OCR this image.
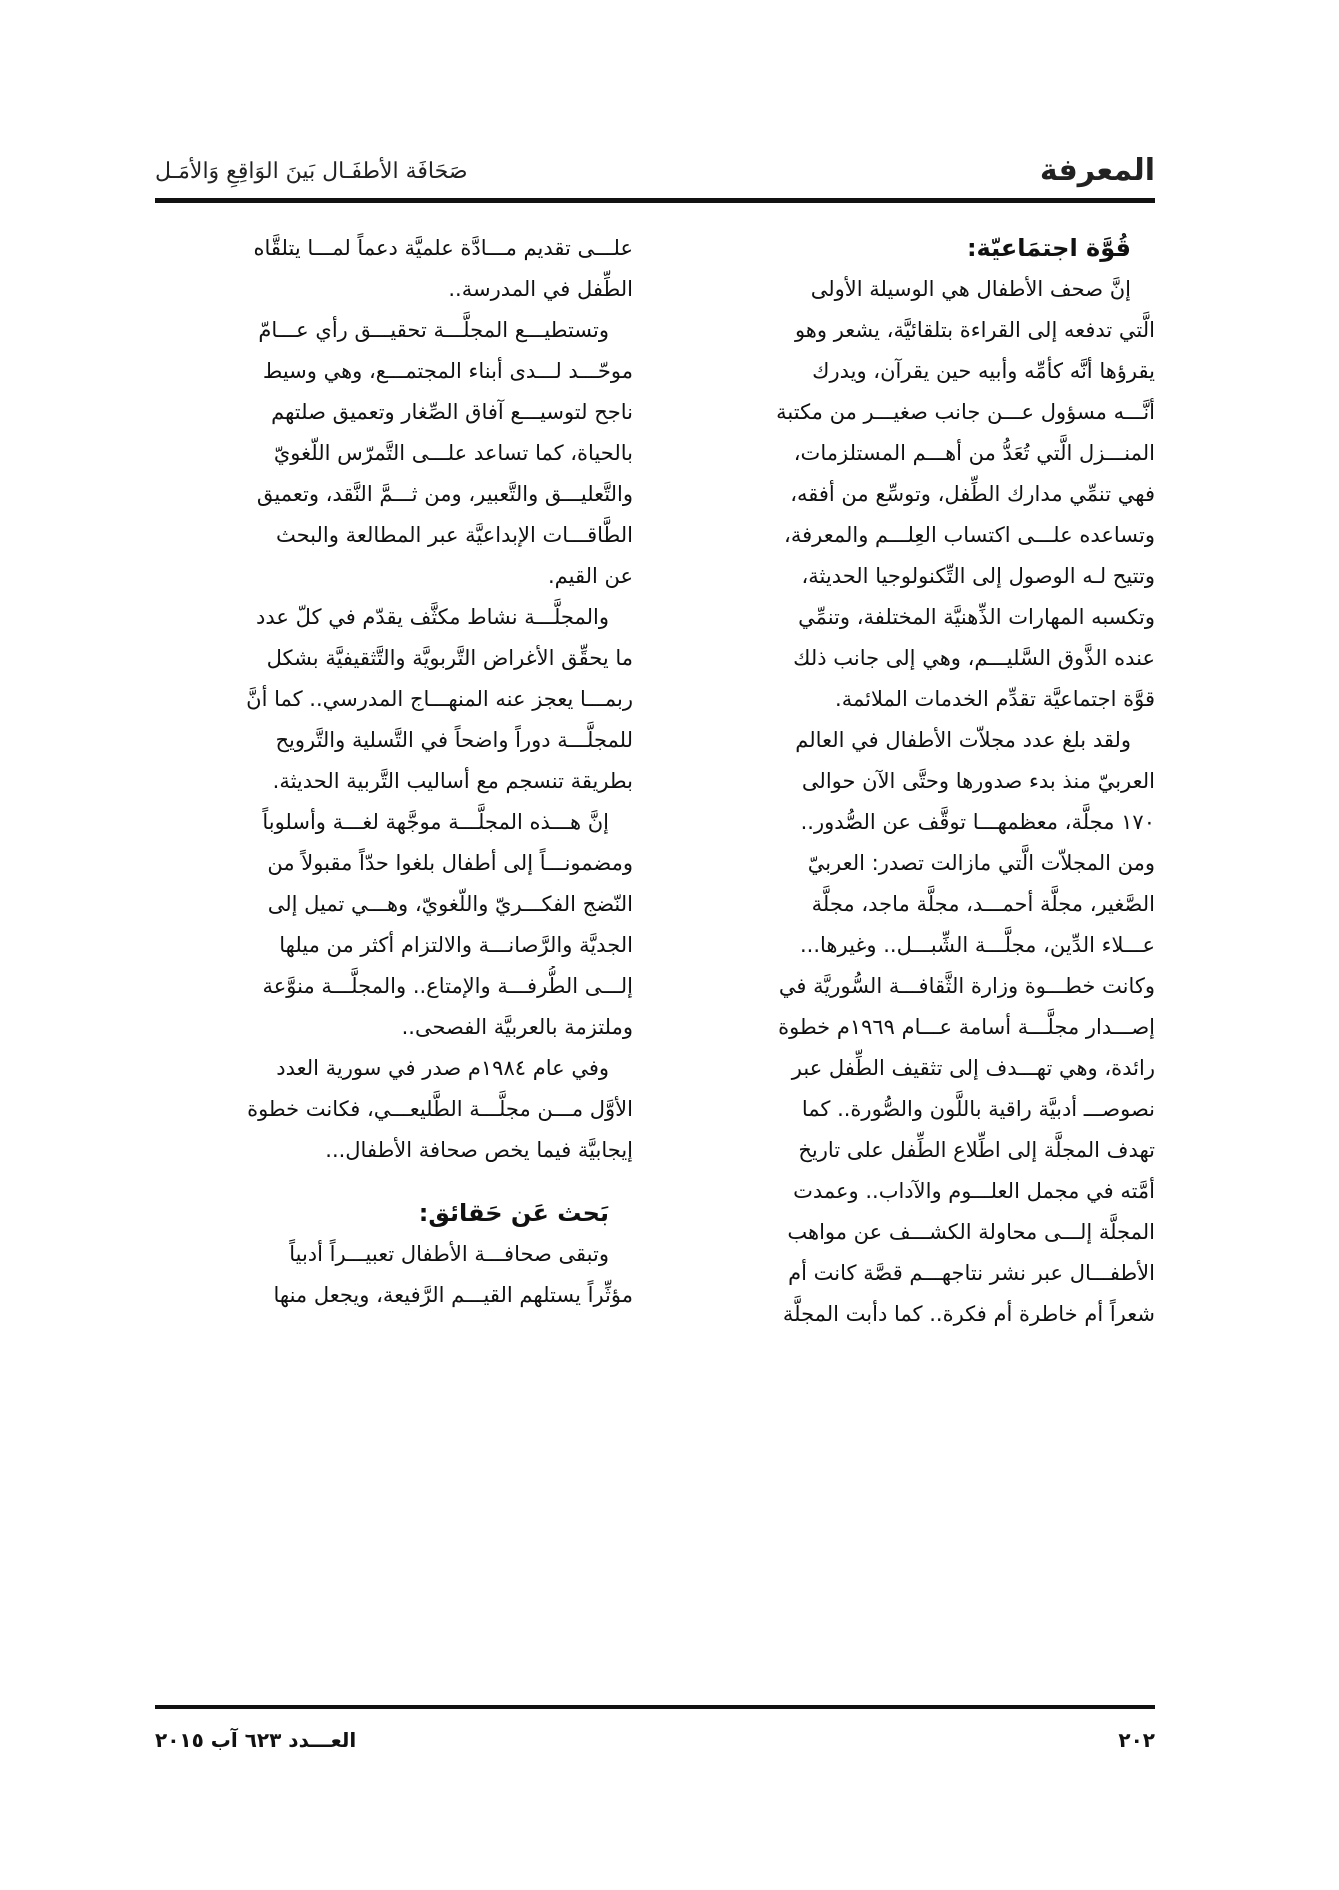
المعرفة
صَحَافَة الأطفَـال بَينَ الوَاقِعِ وَالأمَـل
قُوَّة اجتمَاعيّة:

إنَّ صحف الأطفال هي الوسيلة الأولى
الَّتي تدفعه إلى القراءة بتلقائيَّة، يشعر وهو
يقرؤها أنَّه كأمِّه وأبيه حين يقرآن، ويدرك
أنَّـــه مسؤول عـــن جانب صغيـــر من مكتبة
المنـــزل الَّتي تُعَدُّ من أهـــم المستلزمات،
فهي تنمِّي مدارك الطِّفل، وتوسِّع من أفقه،
وتساعده علـــى اكتساب العِلـــم والمعرفة،
وتتيح لـه الوصول إلى التِّكنولوجيا الحديثة،
وتكسبه المهارات الذِّهنيَّة المختلفة، وتنمِّي
عنده الذَّوق السَّليـــم، وهي إلى جانب ذلك
قوَّة اجتماعيَّة تقدِّم الخدمات الملائمة.

ولقد بلغ عدد مجلاّت الأطفال في العالم
العربيّ منذ بدء صدورها وحتَّى الآن حوالى
١٧٠ مجلَّة، معظمهـــا توقَّف عن الصُّدور..
ومن المجلاّت الَّتي مازالت تصدر: العربيّ
الصَّغير، مجلَّة أحمـــد، مجلَّة ماجد، مجلَّة
عـــلاء الدِّين، مجلَّـــة الشِّبـــل.. وغيرها...
وكانت خطـــوة وزارة الثَّقافـــة السُّوريَّة في
إصـــدار مجلَّـــة أسامة عـــام ١٩٦٩م خطوة
رائدة، وهي تهـــدف إلى تثقيف الطِّفل عبر
نصوصـــ أدبيَّة راقية باللَّون والصُّورة.. كما
تهدف المجلَّة إلى اطِّلاع الطِّفل على تاريخ
أمَّته في مجمل العلـــوم والآداب.. وعمدت
المجلَّة إلـــى محاولة الكشـــف عن مواهب
الأطفـــال عبر نشر نتاجهـــم قصَّة كانت أم
شعراً أم خاطرة أم فكرة.. كما دأبت المجلَّة

علـــى تقديم مـــادَّة علميَّة دعماً لمـــا يتلقَّاه
الطِّفل في المدرسة..

وتستطيـــع المجلَّـــة تحقيـــق رأي عـــامّ
موحّـــد لـــدى أبناء المجتمـــع، وهي وسيط
ناجح لتوسيـــع آفاق الصِّغار وتعميق صلتهم
بالحياة، كما تساعد علـــى التَّمرّس اللّغويّ
والتَّعليـــق والتَّعبير، ومن ثـــمَّ النَّقد، وتعميق
الطَّاقـــات الإبداعيَّة عبر المطالعة والبحث
عن القيم.

والمجلَّـــة نشاط مكثَّف يقدّم في كلّ عدد
ما يحقِّق الأغراض التَّربويَّة والتَّثقيفيَّة بشكل
ربمـــا يعجز عنه المنهـــاج المدرسي.. كما أنَّ
للمجلَّـــة دوراً واضحاً في التَّسلية والتَّرويح
بطريقة تنسجم مع أساليب التَّربية الحديثة.

إنَّ هـــذه المجلَّـــة موجَّهة لغـــة وأسلوباً
ومضمونـــاً إلى أطفال بلغوا حدّاً مقبولاً من
النّضج الفكـــريّ واللّغويّ، وهـــي تميل إلى
الجديَّة والرَّصانـــة والالتزام أكثر من ميلها
إلـــى الطُّرفـــة والإمتاع.. والمجلَّـــة منوَّعة
وملتزمة بالعربيَّة الفصحى..

وفي عام ١٩٨٤م صدر في سورية العدد
الأوَّل مـــن مجلَّـــة الطَّليعـــي، فكانت خطوة
إيجابيَّة فيما يخص صحافة الأطفال...

بَحث عَن حَقائق:

وتبقى صحافـــة الأطفال تعبيـــراً أدبياً
مؤثِّراً يستلهم القيـــم الرَّفيعة، ويجعل منها

٢٠٢
العـــدد ٦٢٣ آب ٢٠١٥
